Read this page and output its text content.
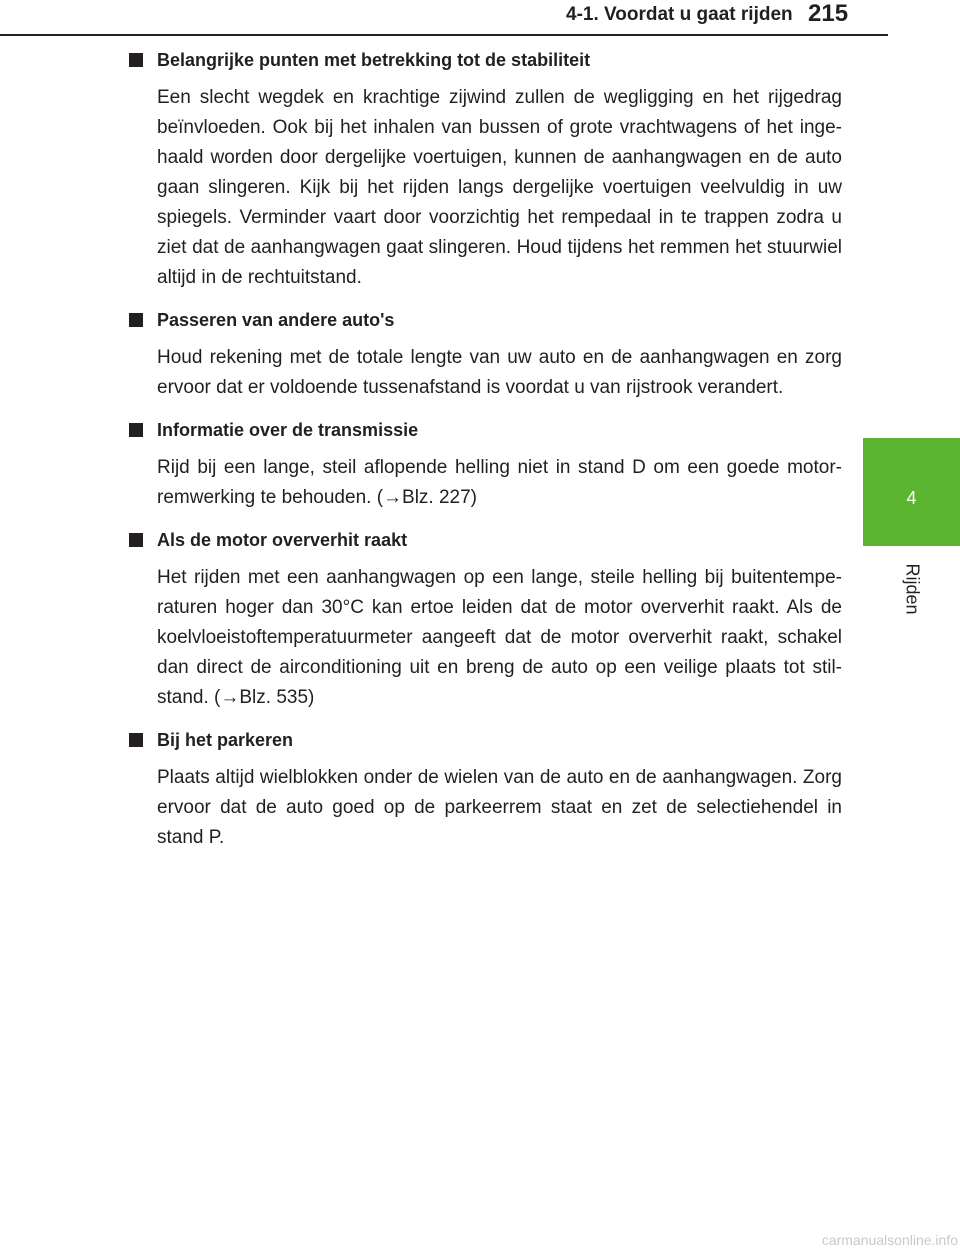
4-1. Voordat u gaat rijden 215
4
Rijden
Belangrijke punten met betrekking tot de stabiliteit

Een slecht wegdek en krachtige zijwind zullen de wegligging en het rijgedrag beïnvloeden. Ook bij het inhalen van bussen of grote vrachtwagens of het inge-haald worden door dergelijke voertuigen, kunnen de aanhangwagen en de auto gaan slingeren. Kijk bij het rijden langs dergelijke voertuigen veelvuldig in uw spiegels. Verminder vaart door voorzichtig het rempedaal in te trappen zodra u ziet dat de aanhangwagen gaat slingeren. Houd tijdens het remmen het stuurwiel altijd in de rechtuitstand.

Passeren van andere auto's

Houd rekening met de totale lengte van uw auto en de aanhangwagen en zorg ervoor dat er voldoende tussenafstand is voordat u van rijstrook verandert.

Informatie over de transmissie

Rijd bij een lange, steil aflopende helling niet in stand D om een goede motor-remwerking te behouden. (→Blz. 227)

Als de motor oververhit raakt

Het rijden met een aanhangwagen op een lange, steile helling bij buitentempe-raturen hoger dan 30°C kan ertoe leiden dat de motor oververhit raakt. Als de koelvloeistoftemperatuurmeter aangeeft dat de motor oververhit raakt, schakel dan direct de airconditioning uit en breng de auto op een veilige plaats tot stil-stand. (→Blz. 535)

Bij het parkeren

Plaats altijd wielblokken onder de wielen van de auto en de aanhangwagen. Zorg ervoor dat de auto goed op de parkeerrem staat en zet de selectiehendel in stand P.

carmanualsonline.info
